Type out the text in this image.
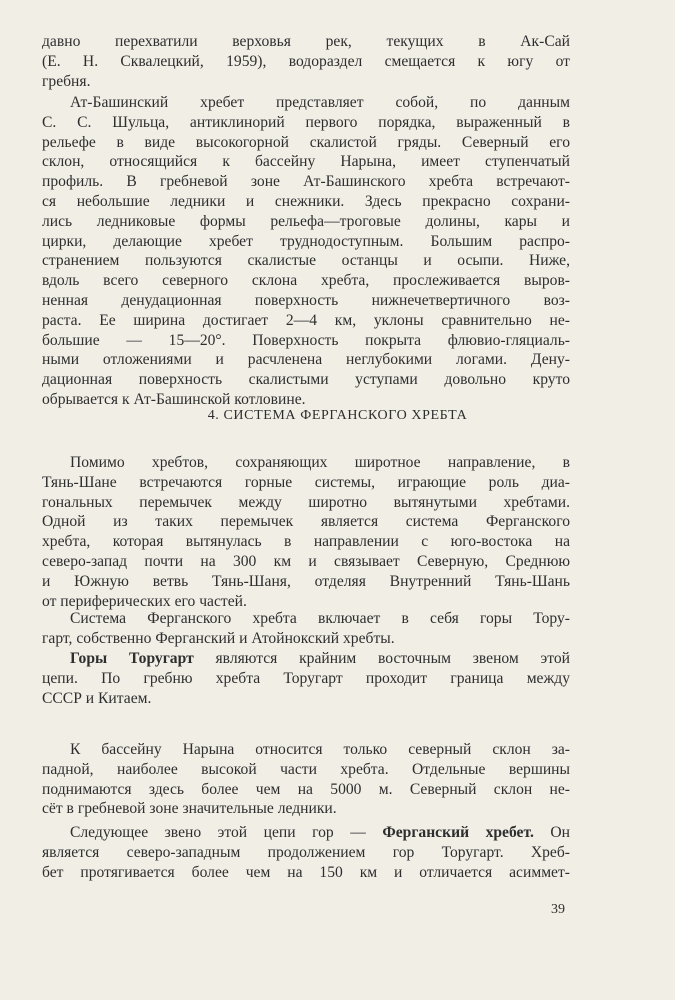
давно перехватили верховья рек, текущих в Ак-Сай
(Е. Н. Сквалецкий, 1959), водораздел смещается к югу от
гребня.

Ат-Башинский хребет представляет собой, по данным
С. С. Шульца, антиклинорий первого порядка, выраженный в
рельефе в виде высокогорной скалистой гряды. Северный его
склон, относящийся к бассейну Нарына, имеет ступенчатый
профиль. В гребневой зоне Ат-Башинского хребта встречают-
ся небольшие ледники и снежники. Здесь прекрасно сохрани-
лись ледниковые формы рельефа—троговые долины, кары и
цирки, делающие хребет труднодоступным. Большим распро-
странением пользуются скалистые останцы и осыпи. Ниже,
вдоль всего северного склона хребта, прослеживается выров-
ненная денудационная поверхность нижнечетвертичного воз-
раста. Ее ширина достигает 2—4 км, уклоны сравнительно не-
большие — 15—20°. Поверхность покрыта флювио-гляциаль-
ными отложениями и расчленена неглубокими логами. Дену-
дационная поверхность скалистыми уступами довольно круто
обрывается к Ат-Башинской котловине.

4. СИСТЕМА ФЕРГАНСКОГО ХРЕБТА

Помимо хребтов, сохраняющих широтное направление, в
Тянь-Шане встречаются горные системы, играющие роль диа-
гональных перемычек между широтно вытянутыми хребтами.
Одной из таких перемычек является система Ферганского
хребта, которая вытянулась в направлении с юго-востока на
северо-запад почти на 300 км и связывает Северную, Среднюю
и Южную ветвь Тянь-Шаня, отделяя Внутренний Тянь-Шань
от периферических его частей.

Система Ферганского хребта включает в себя горы Тору-
гарт, собственно Ферганский и Атойнокский хребты.

Горы Торугарт являются крайним восточным звеном этой
цепи. По гребню хребта Торугарт проходит граница между
СССР и Китаем.

К бассейну Нарына относится только северный склон за-
падной, наиболее высокой части хребта. Отдельные вершины
поднимаются здесь более чем на 5000 м. Северный склон не-
сёт в гребневой зоне значительные ледники.

Следующее звено этой цепи гор — Ферганский хребет. Он
является северо-западным продолжением гор Торугарт. Хреб-
бет протягивается более чем на 150 км и отличается асиммет-

39
